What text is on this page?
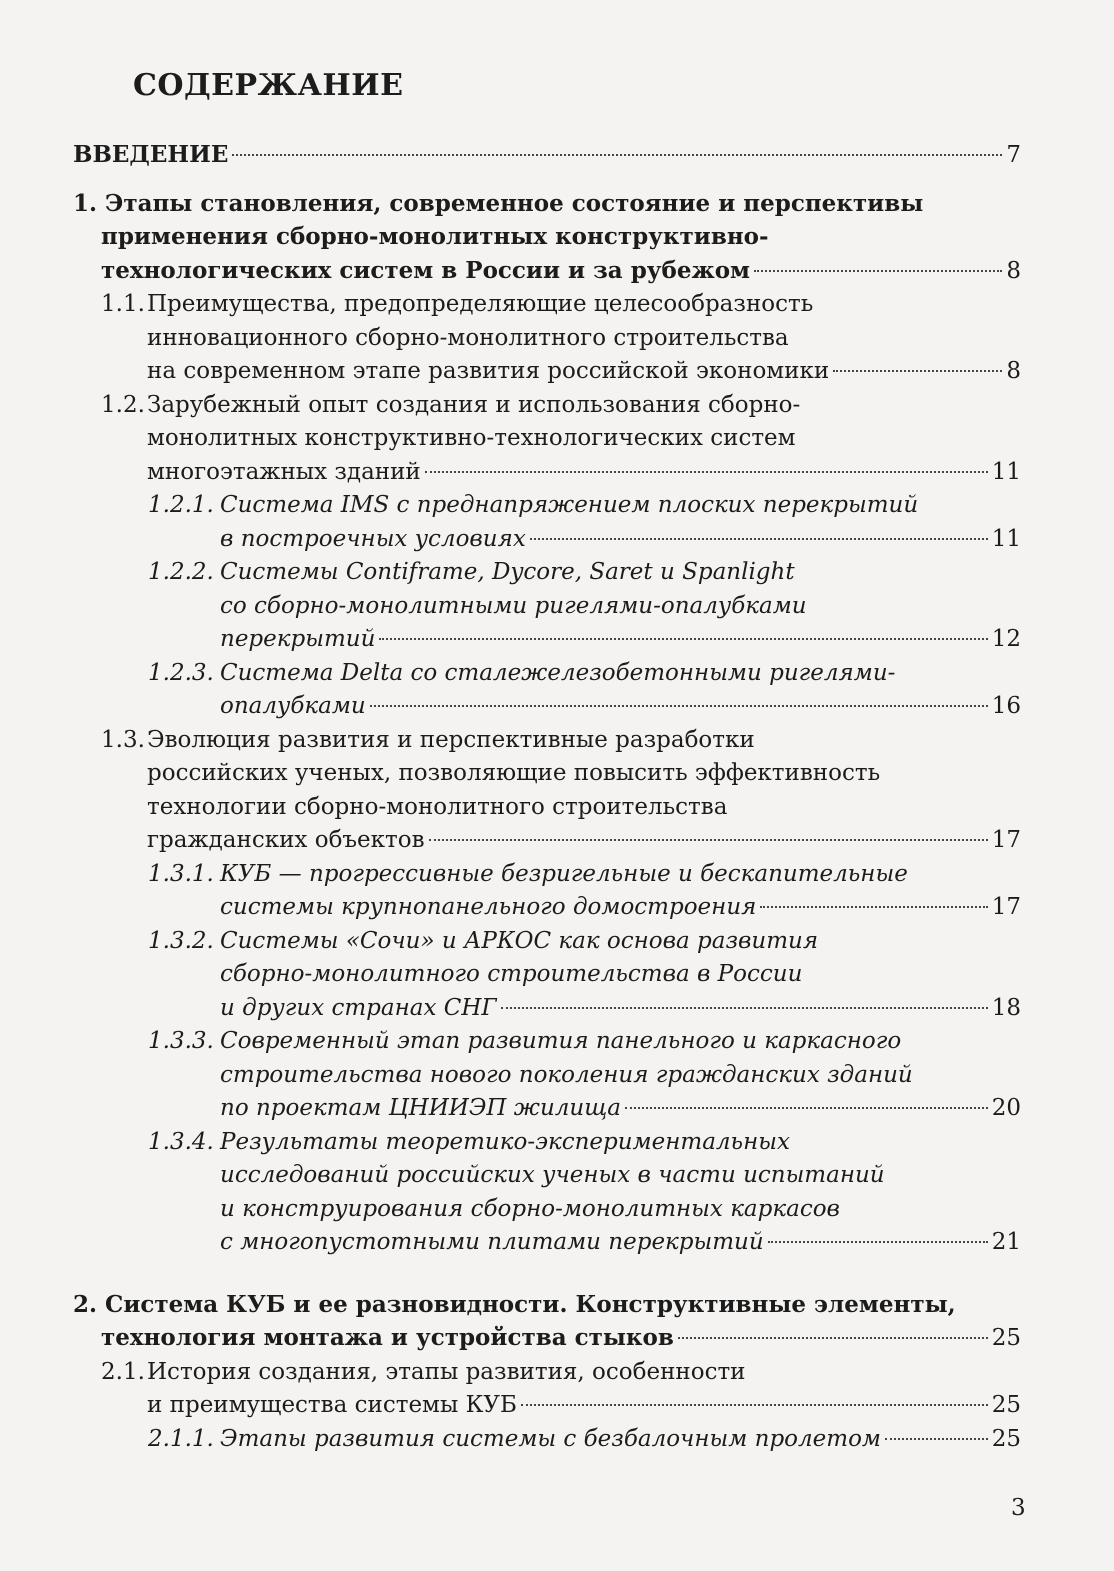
СОДЕРЖАНИЕ
ВВЕДЕНИЕ	7
1. Этапы становления, современное состояние и перспективы
применения сборно-монолитных конструктивно-
технологических систем в России и за рубежом	8
1.1.Преимущества, предопределяющие целесообразность
инновационного сборно-монолитного строительства
на современном этапе развития российской экономики	8
1.2.Зарубежный опыт создания и использования сборно-
монолитных конструктивно-технологических систем
многоэтажных зданий	11
1.2.1. Система IMS с преднапряжением плоских перекрытий
в построечных условиях	11
1.2.2. Системы Contiframe, Dycore, Saret и Spanlight
со сборно-монолитными ригелями-опалубками
перекрытий	12
1.2.3. Система Delta со сталежелезобетонными ригелями-
опалубками	16
1.3.Эволюция развития и перспективные разработки
российских ученых, позволяющие повысить эффективность
технологии сборно-монолитного строительства
гражданских объектов	17
1.3.1. КУБ — прогрессивные безригельные и бескапительные
системы крупнопанельного домостроения	17
1.3.2. Системы «Сочи» и АРКОС как основа развития
сборно-монолитного строительства в России
и других странах СНГ	18
1.3.3. Современный этап развития панельного и каркасного
строительства нового поколения гражданских зданий
по проектам ЦНИИЭП жилища	20
1.3.4. Результаты теоретико-экспериментальных
исследований российских ученых в части испытаний
и конструирования сборно-монолитных каркасов
с многопустотными плитами перекрытий	21
2. Система КУБ и ее разновидности. Конструктивные элементы,
технология монтажа и устройства стыков	25
2.1.История создания, этапы развития, особенности
и преимущества системы КУБ	25
2.1.1. Этапы развития системы с безбалочным пролетом	25
3
